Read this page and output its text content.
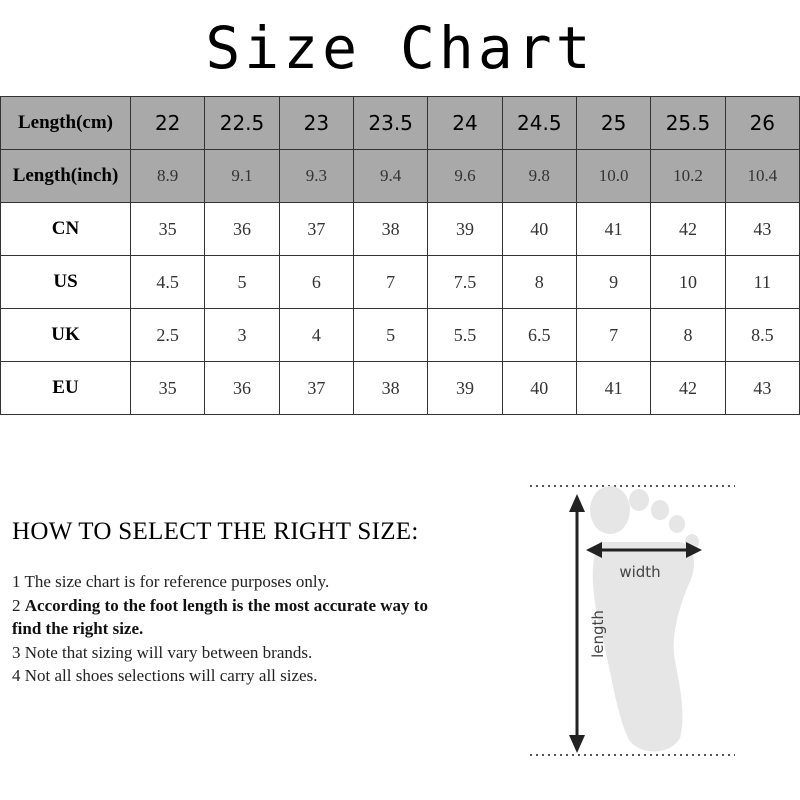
Size Chart
Length(cm)	22	22.5	23	23.5	24	24.5	25	25.5	26
Length(inch)	8.9	9.1	9.3	9.4	9.6	9.8	10.0	10.2	10.4
CN	35	36	37	38	39	40	41	42	43
US	4.5	5	6	7	7.5	8	9	10	11
UK	2.5	3	4	5	5.5	6.5	7	8	8.5
EU	35	36	37	38	39	40	41	42	43
HOW TO SELECT THE RIGHT SIZE:
1 The size chart is for reference purposes only.
2 According to the foot length is the most accurate way to find the right size.
3 Note that sizing will vary between brands.
4 Not all shoes selections will carry all sizes.
width
length
